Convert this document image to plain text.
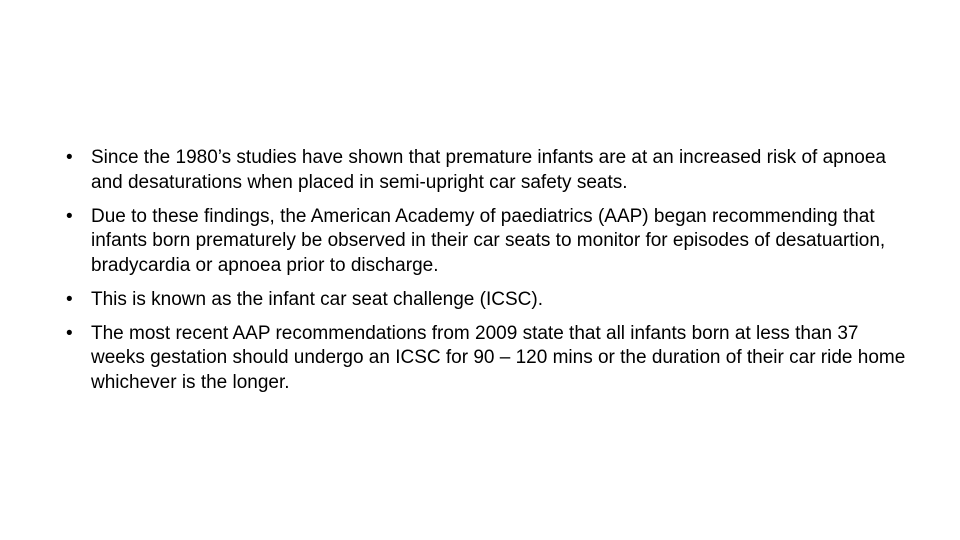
• Since the 1980’s studies have shown that premature infants are at an increased risk of apnoea and desaturations when placed in semi-upright car safety seats.
• Due to these findings, the American Academy of paediatrics (AAP) began recommending that infants born prematurely be observed in their car seats to monitor for episodes of desatuartion, bradycardia or apnoea prior to discharge.
• This is known as the infant car seat challenge (ICSC).
• The most recent AAP recommendations from 2009 state that all infants born at less than 37 weeks gestation should undergo an ICSC for 90 – 120 mins or the duration of their car ride home whichever is the longer.
